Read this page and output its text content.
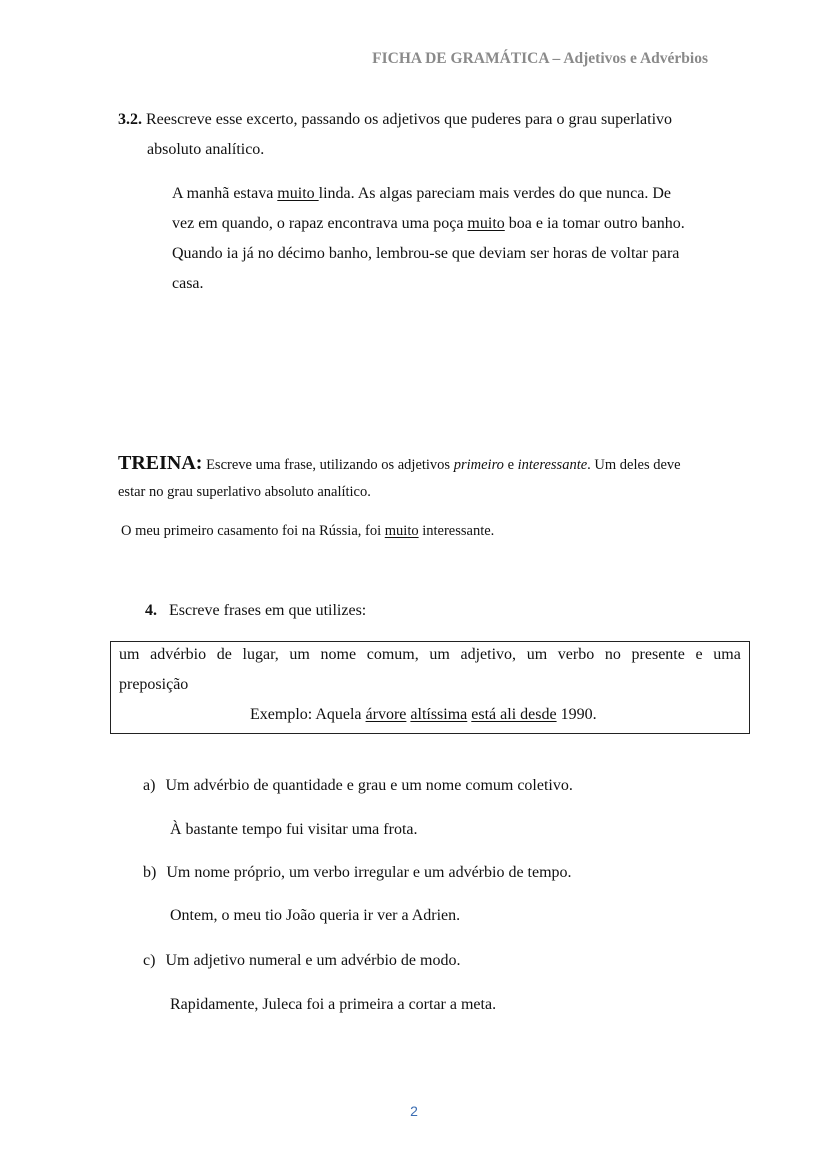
FICHA DE GRAMÁTICA – Adjetivos e Advérbios
3.2. Reescreve esse excerto, passando os adjetivos que puderes para o grau superlativo
absoluto analítico.
A manhã estava muito linda. As algas pareciam mais verdes do que nunca. De
vez em quando, o rapaz encontrava uma poça muito boa e ia tomar outro banho.
Quando ia já no décimo banho, lembrou-se que deviam ser horas de voltar para
casa.
TREINA: Escreve uma frase, utilizando os adjetivos primeiro e interessante. Um deles deve
estar no grau superlativo absoluto analítico.
O meu primeiro casamento foi na Rússia, foi muito interessante.
4. Escreve frases em que utilizes:
um advérbio de lugar, um nome comum, um adjetivo, um verbo no presente e uma
preposição
Exemplo: Aquela árvore altíssima está ali desde 1990.
a) Um advérbio de quantidade e grau e um nome comum coletivo.
À bastante tempo fui visitar uma frota.
b) Um nome próprio, um verbo irregular e um advérbio de tempo.
Ontem, o meu tio João queria ir ver a Adrien.
c) Um adjetivo numeral e um advérbio de modo.
Rapidamente, Juleca foi a primeira a cortar a meta.
2
